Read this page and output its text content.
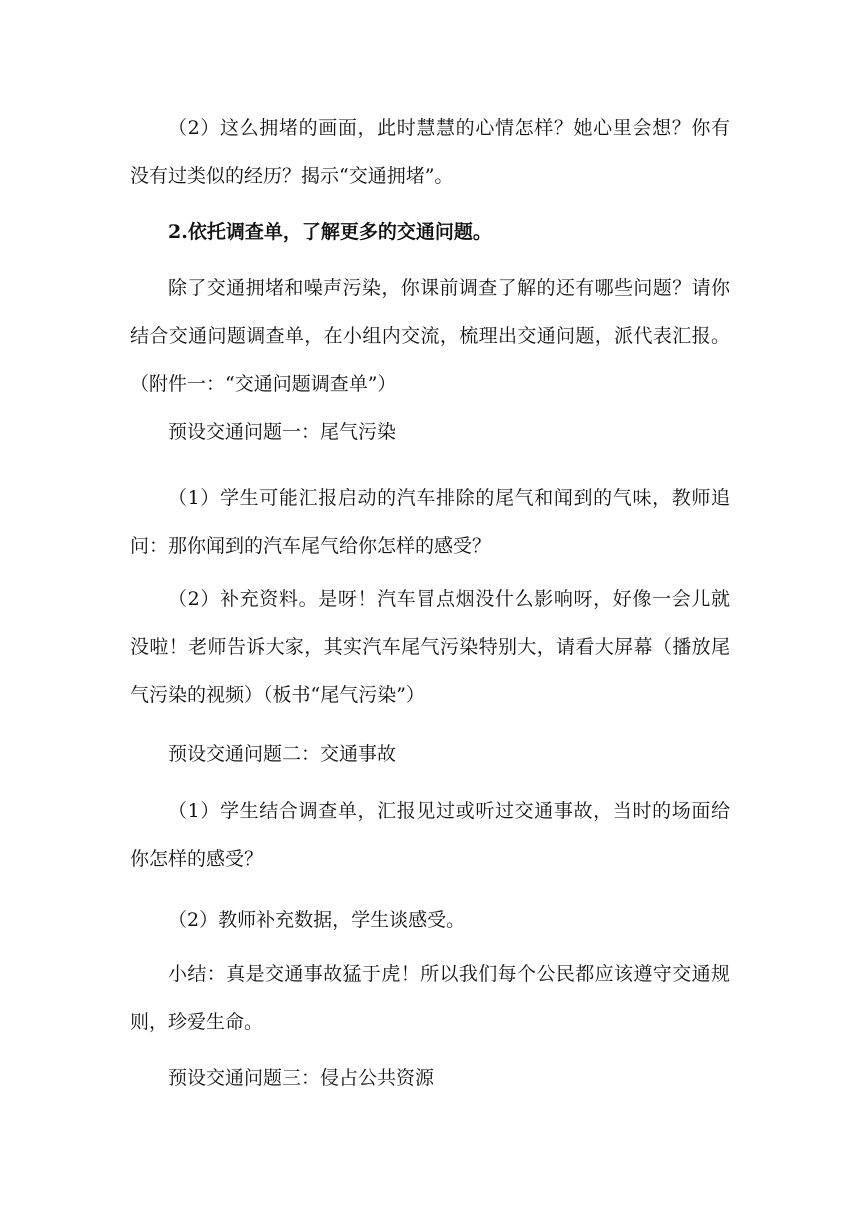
（2）这么拥堵的画面，此时慧慧的心情怎样？她心里会想？你有没有过类似的经历？揭示“交通拥堵”。

2.依托调查单，了解更多的交通问题。

除了交通拥堵和噪声污染，你课前调查了解的还有哪些问题？请你结合交通问题调查单，在小组内交流，梳理出交通问题，派代表汇报。（附件一：“交通问题调查单”）

预设交通问题一：尾气污染

（1）学生可能汇报启动的汽车排除的尾气和闻到的气味，教师追问：那你闻到的汽车尾气给你怎样的感受？

（2）补充资料。是呀！汽车冒点烟没什么影响呀，好像一会儿就没啦！老师告诉大家，其实汽车尾气污染特别大，请看大屏幕（播放尾气污染的视频）（板书“尾气污染”）

预设交通问题二：交通事故

（1）学生结合调查单，汇报见过或听过交通事故，当时的场面给你怎样的感受？

（2）教师补充数据，学生谈感受。

小结：真是交通事故猛于虎！所以我们每个公民都应该遵守交通规则，珍爱生命。

预设交通问题三：侵占公共资源
